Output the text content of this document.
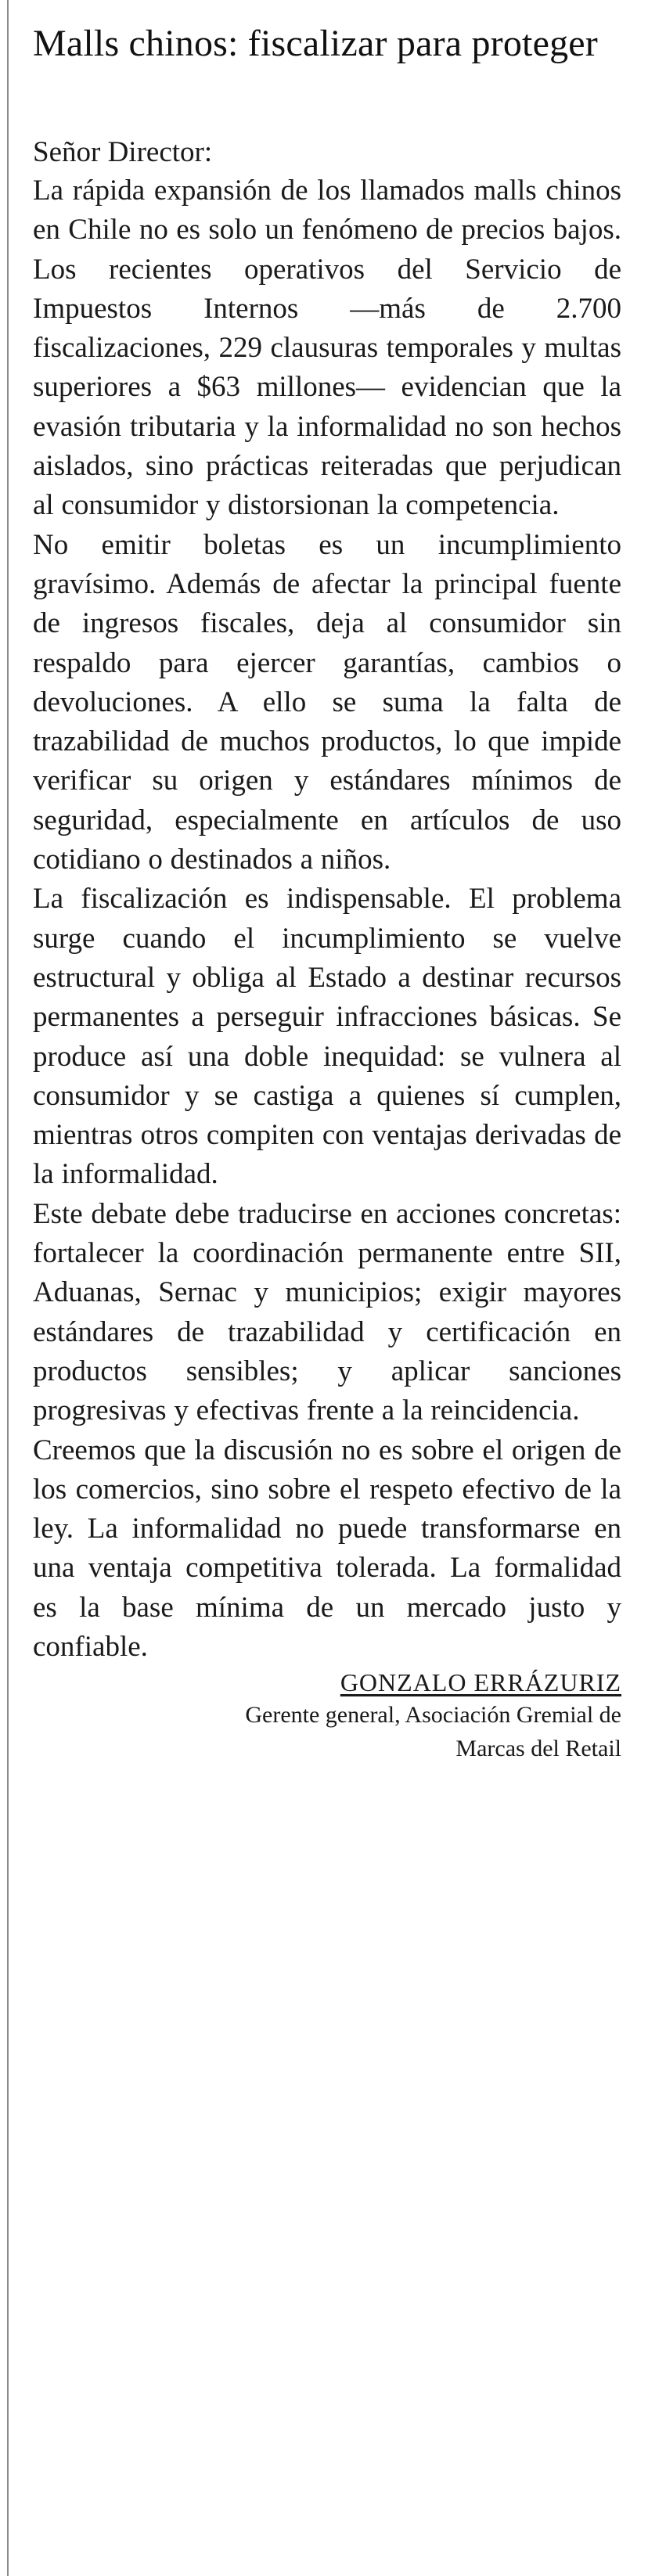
Malls chinos: fiscalizar para proteger

Señor Director:

La rápida expansión de los llamados malls chinos en Chile no es solo un fenómeno de precios bajos. Los recientes operativos del Servicio de Impuestos Internos —más de 2.700 fiscalizaciones, 229 clausuras temporales y multas superiores a $63 millones— evidencian que la evasión tributaria y la informalidad no son hechos aislados, sino prácticas reiteradas que perjudican al consumidor y distorsionan la competencia.

No emitir boletas es un incumplimiento gravísimo. Además de afectar la principal fuente de ingresos fiscales, deja al consumidor sin respaldo para ejercer garantías, cambios o devoluciones. A ello se suma la falta de trazabilidad de muchos productos, lo que impide verificar su origen y estándares mínimos de seguridad, especialmente en artículos de uso cotidiano o destinados a niños.

La fiscalización es indispensable. El problema surge cuando el incumplimiento se vuelve estructural y obliga al Estado a destinar recursos permanentes a perseguir infracciones básicas. Se produce así una doble inequidad: se vulnera al consumidor y se castiga a quienes sí cumplen, mientras otros compiten con ventajas derivadas de la informalidad.

Este debate debe traducirse en acciones concretas: fortalecer la coordinación permanente entre SII, Aduanas, Sernac y municipios; exigir mayores estándares de trazabilidad y certificación en productos sensibles; y aplicar sanciones progresivas y efectivas frente a la reincidencia.

Creemos que la discusión no es sobre el origen de los comercios, sino sobre el respeto efectivo de la ley. La informalidad no puede transformarse en una ventaja competitiva tolerada. La formalidad es la base mínima de un mercado justo y confiable.

GONZALO ERRÁZURIZ

Gerente general, Asociación Gremial de

Marcas del Retail
